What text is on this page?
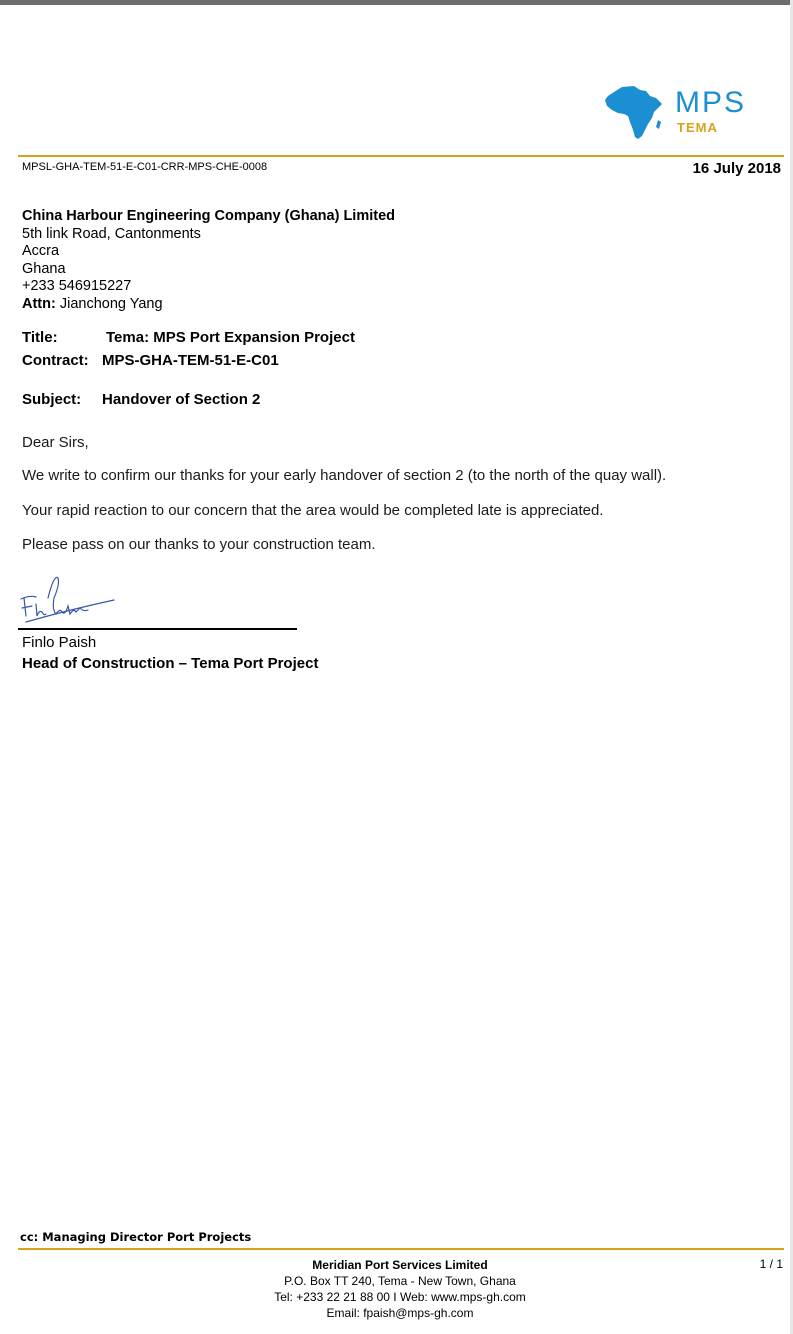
MPS
TEMA
MPSL-GHA-TEM-51-E-C01-CRR-MPS-CHE-0008	16 July 2018
China Harbour Engineering Company (Ghana) Limited
5th link Road, Cantonments
Accra
Ghana
+233 546915227
Attn: Jianchong Yang
Title:	Tema: MPS Port Expansion Project
Contract: MPS-GHA-TEM-51-E-C01
Subject: Handover of Section 2
Dear Sirs,
We write to confirm our thanks for your early handover of section 2 (to the north of the quay wall).
Your rapid reaction to our concern that the area would be completed late is appreciated.
Please pass on our thanks to your construction team.
Finlo Paish
Head of Construction – Tema Port Project
cc: Managing Director Port Projects
Meridian Port Services Limited
P.O. Box TT 240, Tema - New Town, Ghana
Tel: +233 22 21 88 00 I Web: www.mps-gh.com
Email: fpaish@mps-gh.com
1 / 1
